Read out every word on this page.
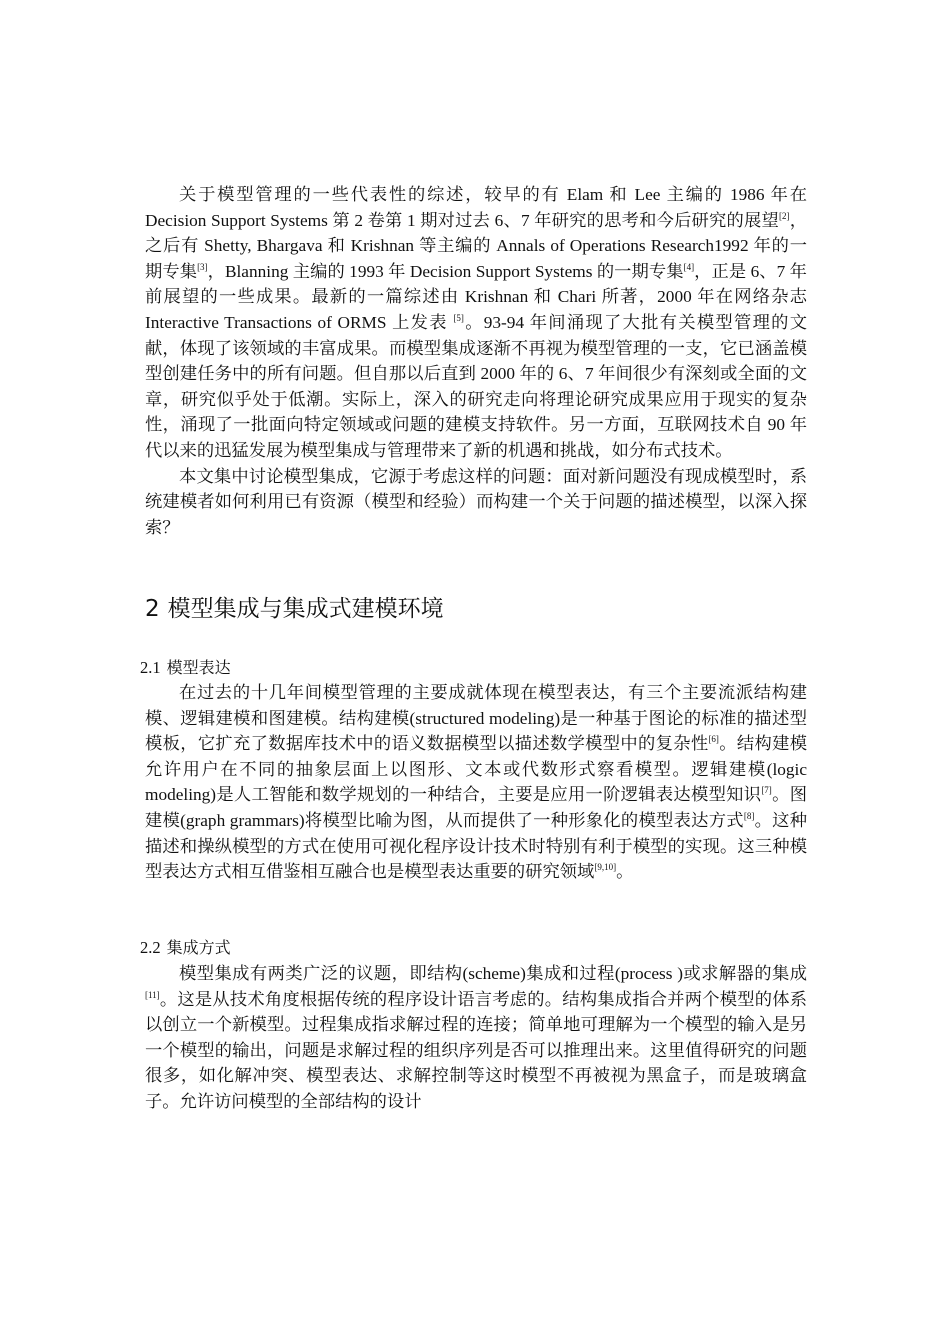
关于模型管理的一些代表性的综述，较早的有 Elam 和 Lee 主编的 1986 年在 Decision Support Systems 第 2 卷第 1 期对过去 6、7 年研究的思考和今后研究的展望[2]，之后有 Shetty, Bhargava 和 Krishnan 等主编的 Annals of Operations Research1992 年的一期专集[3]，Blanning 主编的 1993 年 Decision Support Systems 的一期专集[4]，正是 6、7 年前展望的一些成果。最新的一篇综述由 Krishnan 和 Chari 所著，2000 年在网络杂志 Interactive Transactions of ORMS 上发表 [5]。93-94 年间涌现了大批有关模型管理的文献，体现了该领域的丰富成果。而模型集成逐渐不再视为模型管理的一支，它已涵盖模型创建任务中的所有问题。但自那以后直到 2000 年的 6、7 年间很少有深刻或全面的文章，研究似乎处于低潮。实际上，深入的研究走向将理论研究成果应用于现实的复杂性，涌现了一批面向特定领域或问题的建模支持软件。另一方面，互联网技术自 90 年代以来的迅猛发展为模型集成与管理带来了新的机遇和挑战，如分布式技术。

本文集中讨论模型集成，它源于考虑这样的问题：面对新问题没有现成模型时，系统建模者如何利用已有资源（模型和经验）而构建一个关于问题的描述模型，以深入探索？

2 模型集成与集成式建模环境
2.1 模型表达

在过去的十几年间模型管理的主要成就体现在模型表达，有三个主要流派结构建模、逻辑建模和图建模。结构建模(structured modeling)是一种基于图论的标准的描述型模板，它扩充了数据库技术中的语义数据模型以描述数学模型中的复杂性[6]。结构建模允许用户在不同的抽象层面上以图形、文本或代数形式察看模型。逻辑建模(logic modeling)是人工智能和数学规划的一种结合，主要是应用一阶逻辑表达模型知识[7]。图建模(graph grammars)将模型比喻为图，从而提供了一种形象化的模型表达方式[8]。这种描述和操纵模型的方式在使用可视化程序设计技术时特别有利于模型的实现。这三种模型表达方式相互借鉴相互融合也是模型表达重要的研究领域[9,10]。

2.2 集成方式

模型集成有两类广泛的议题，即结构(scheme)集成和过程(process )或求解器的集成[11]。这是从技术角度根据传统的程序设计语言考虑的。结构集成指合并两个模型的体系以创立一个新模型。过程集成指求解过程的连接；简单地可理解为一个模型的输入是另一个模型的输出，问题是求解过程的组织序列是否可以推理出来。这里值得研究的问题很多，如化解冲突、模型表达、求解控制等这时模型不再被视为黑盒子，而是玻璃盒子。允许访问模型的全部结构的设计
